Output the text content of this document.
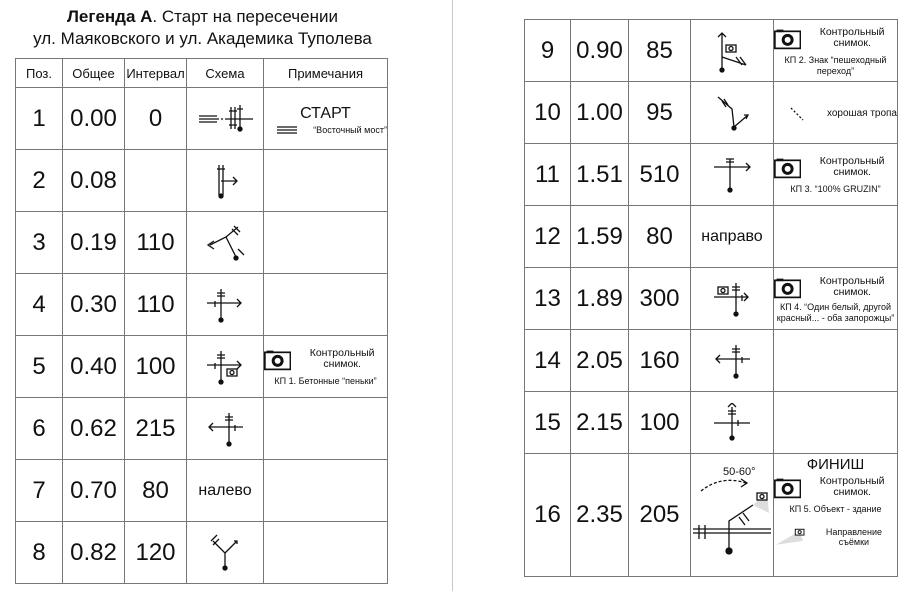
Легенда А. Старт на пересечении
ул. Маяковского и ул. Академика Туполева
Поз.	Общее	Интервал	Схема	Примечания
1	0.00	0		СТАРТ
“Восточный мост”

2	0.08		

3	0.19	110	

4	0.30	110	

5	0.40	100		Контрольный снимок.
КП 1. Бетонные “пеньки”

6	0.62	215	

7	0.70	80	налево	
8	0.82	120	

9	0.90	85		Контрольный снимок.
КП 2. Знак “пешеходный переход”

10	1.00	95		хорошая тропа

11	1.51	510		Контрольный снимок.
КП 3. “100% GRUZIN”

12	1.59	80	направо	
13	1.89	300		Контрольный снимок.
КП 4. “Один белый, другой красный... - оба запорожцы”

14	2.05	160	

15	2.15	100	

16	2.35	205	50-60°	ФИНИШ
Контрольный снимок.
КП 5. Объект - здание
Направление съёмки
